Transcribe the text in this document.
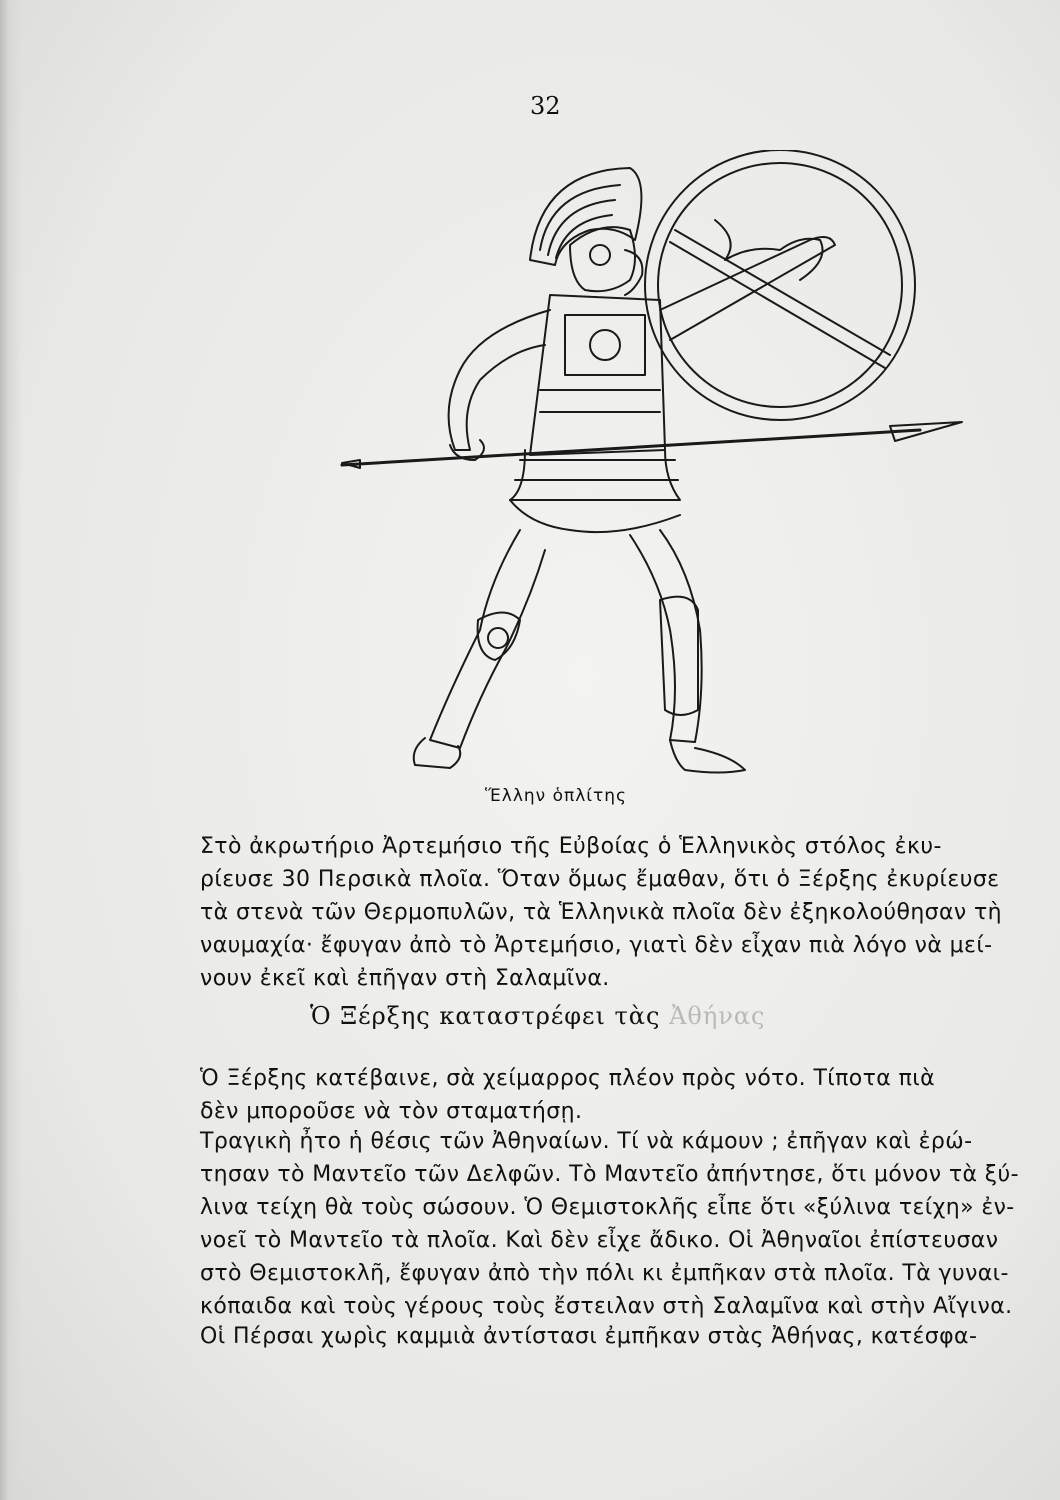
32
Ἕλλην ὁπλίτης
Στὸ ἀκρωτήριο Ἀρτεμήσιο τῆς Εὐβοίας ὁ Ἑλληνικὸς στόλος ἐκυ-
ρίευσε 30 Περσικὰ πλοῖα. Ὅταν ὅμως ἔμαθαν, ὅτι ὁ Ξέρξης ἐκυρίευσε
τὰ στενὰ τῶν Θερμοπυλῶν, τὰ Ἑλληνικὰ πλοῖα δὲν ἐξηκολούθησαν τὴ
ναυμαχία· ἔφυγαν ἀπὸ τὸ Ἀρτεμήσιο, γιατὶ δὲν εἶχαν πιὰ λόγο νὰ μεί-
νουν ἐκεῖ καὶ ἐπῆγαν στὴ Σαλαμῖνα.
Ὁ Ξέρξης καταστρέφει τὰς Ἀθήνας
Ὁ Ξέρξης κατέβαινε, σὰ χείμαρρος πλέον πρὸς νότο. Τίποτα πιὰ
δὲν μποροῦσε νὰ τὸν σταματήσῃ.
Τραγικὴ ἦτο ἡ θέσις τῶν Ἀθηναίων. Τί νὰ κάμουν ; ἐπῆγαν καὶ ἐρώ-
τησαν τὸ Μαντεῖο τῶν Δελφῶν. Τὸ Μαντεῖο ἀπήντησε, ὅτι μόνον τὰ ξύ-
λινα τείχη θὰ τοὺς σώσουν. Ὁ Θεμιστοκλῆς εἶπε ὅτι «ξύλινα τείχη» ἐν-
νοεῖ τὸ Μαντεῖο τὰ πλοῖα. Καὶ δὲν εἶχε ἄδικο. Οἱ Ἀθηναῖοι ἐπίστευσαν
στὸ Θεμιστοκλῆ, ἔφυγαν ἀπὸ τὴν πόλι κι ἐμπῆκαν στὰ πλοῖα. Τὰ γυναι-
κόπαιδα καὶ τοὺς γέρους τοὺς ἔστειλαν στὴ Σαλαμῖνα καὶ στὴν Αἴγινα.
Οἱ Πέρσαι χωρὶς καμμιὰ ἀντίστασι ἐμπῆκαν στὰς Ἀθήνας, κατέσφα-
